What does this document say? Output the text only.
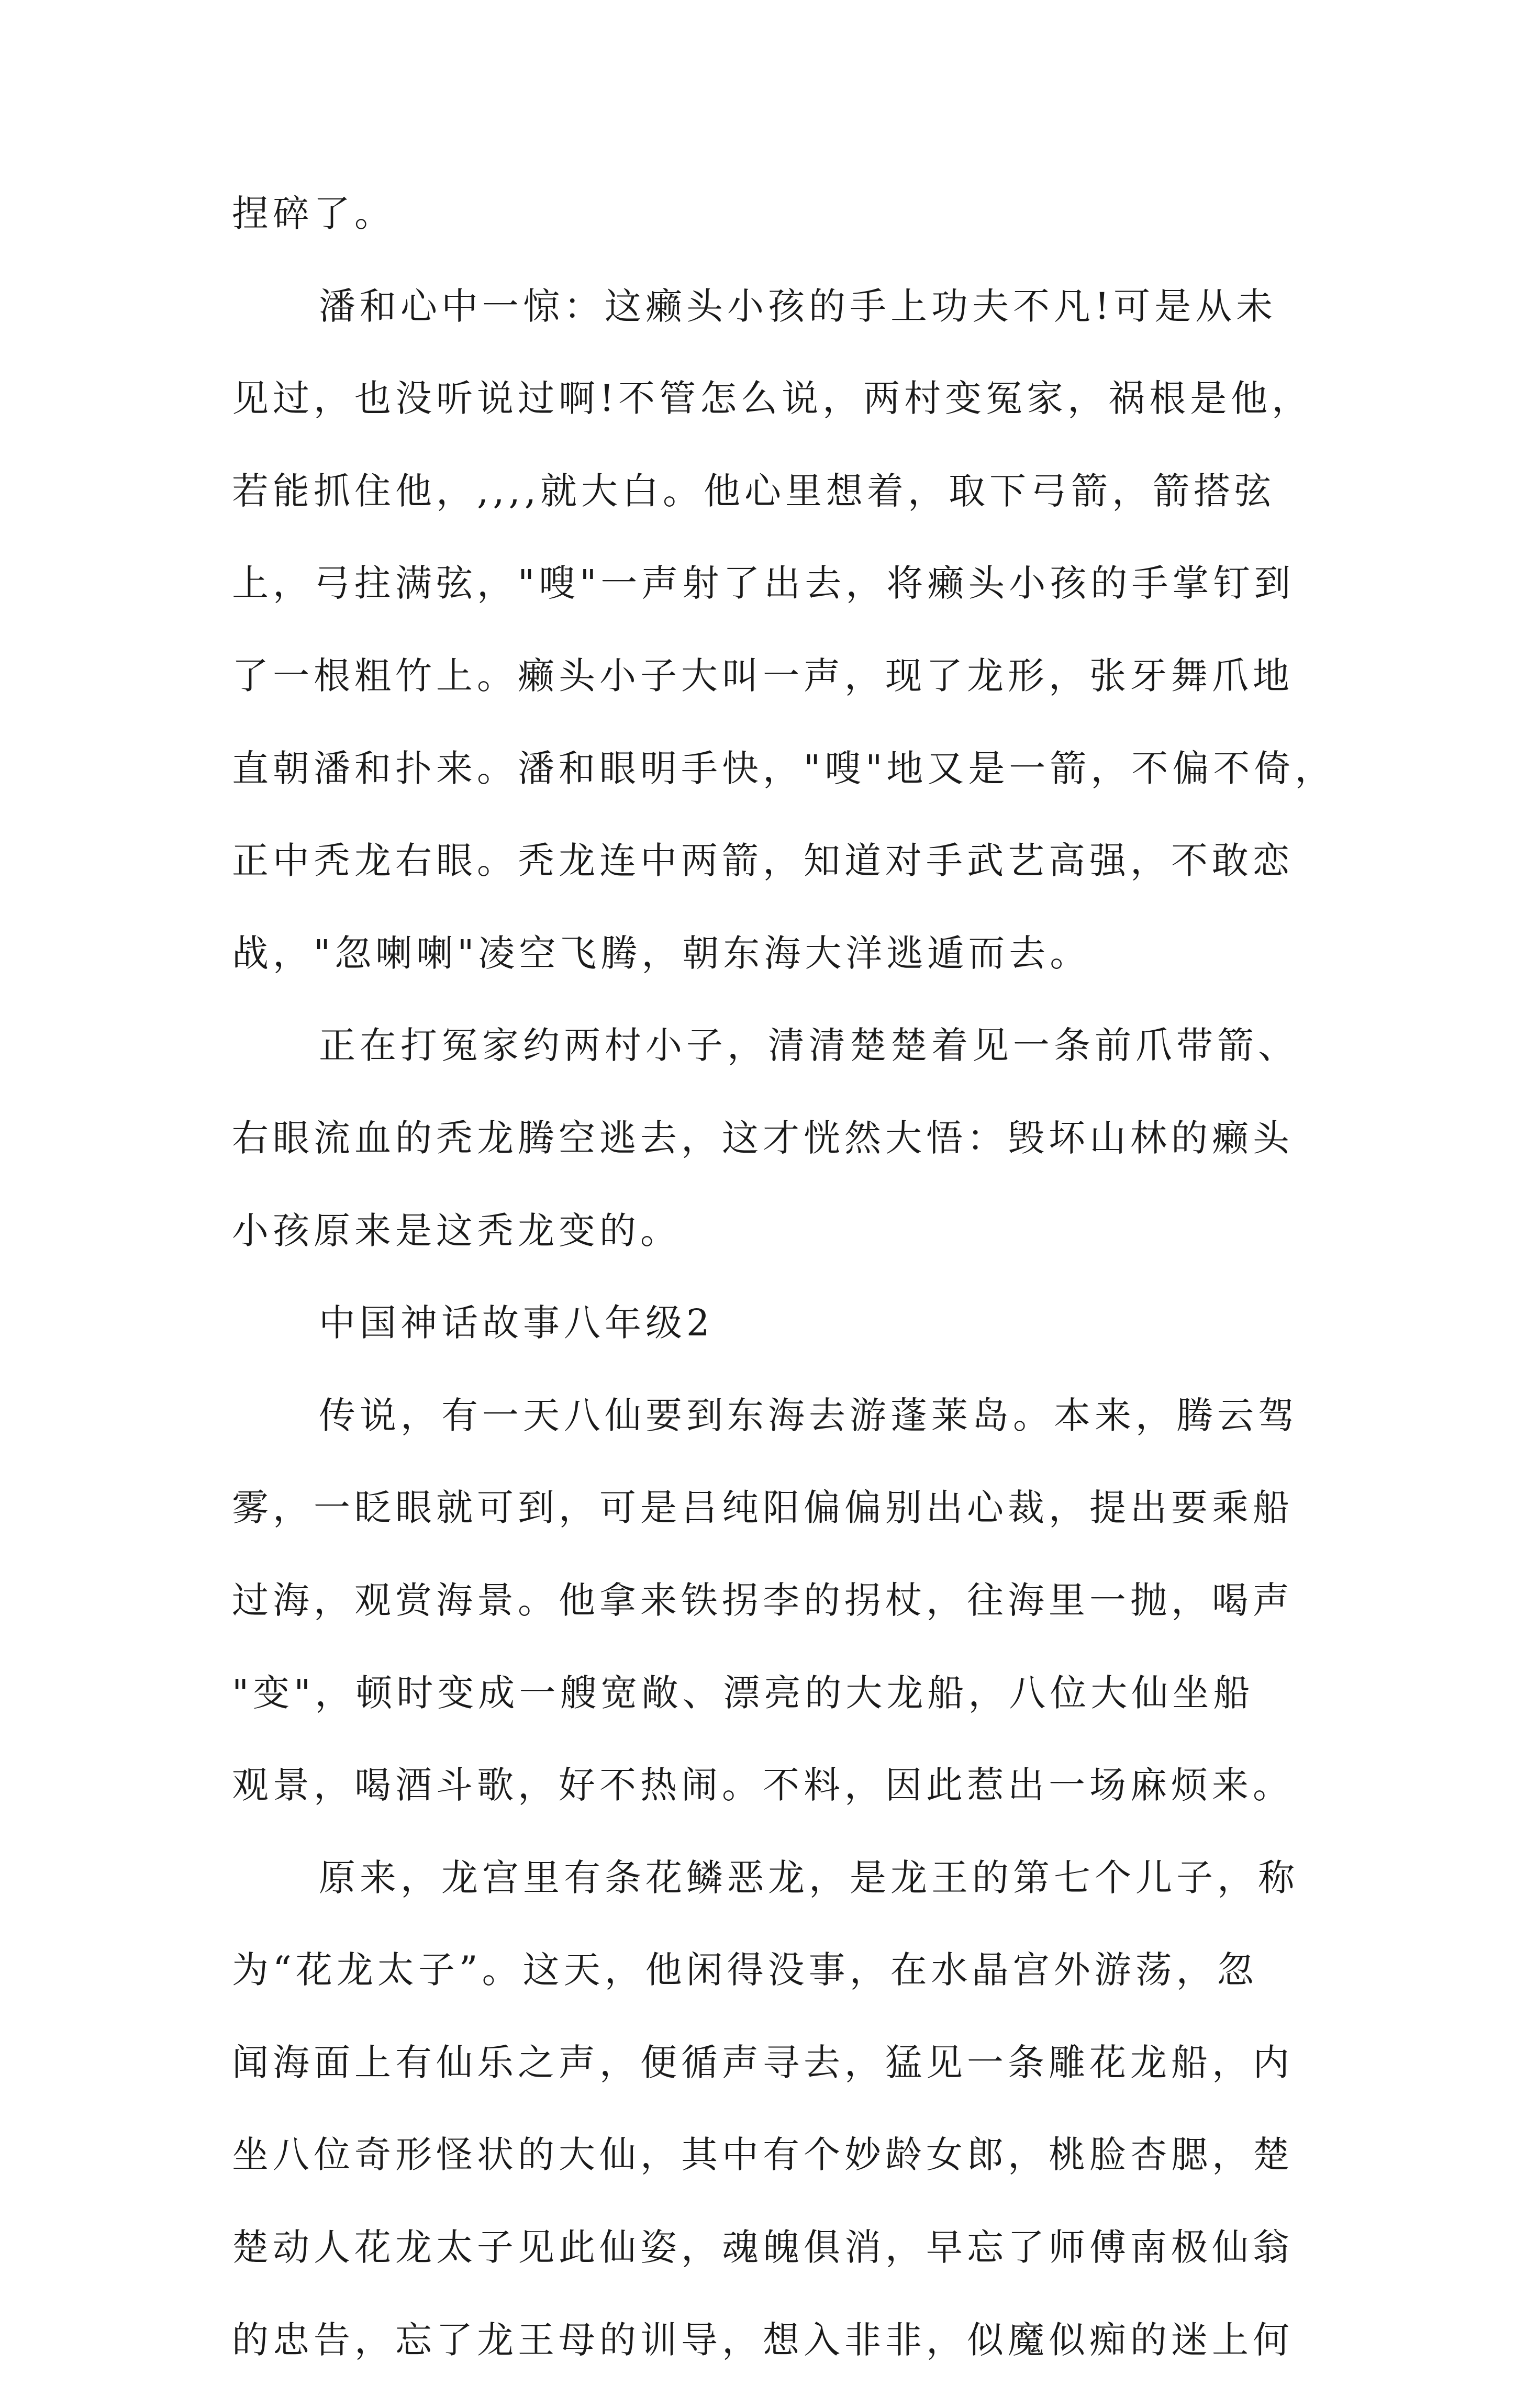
捏碎了。
潘和心中一惊：这癞头小孩的手上功夫不凡!可是从未
见过，也没听说过啊!不管怎么说，两村变冤家，祸根是他，
若能抓住他，,,,,就大白。他心里想着，取下弓箭，箭搭弦
上，弓拄满弦，"嗖"一声射了出去，将癞头小孩的手掌钉到
了一根粗竹上。癞头小子大叫一声，现了龙形，张牙舞爪地
直朝潘和扑来。潘和眼明手快，"嗖"地又是一箭，不偏不倚，
正中秃龙右眼。秃龙连中两箭，知道对手武艺高强，不敢恋
战，"忽喇喇"凌空飞腾，朝东海大洋逃遁而去。
正在打冤家约两村小子，清清楚楚着见一条前爪带箭、
右眼流血的秃龙腾空逃去，这才恍然大悟：毁坏山林的癞头
小孩原来是这秃龙变的。
中国神话故事八年级2
传说，有一天八仙要到东海去游蓬莱岛。本来，腾云驾
雾，一眨眼就可到，可是吕纯阳偏偏别出心裁，提出要乘船
过海，观赏海景。他拿来铁拐李的拐杖，往海里一抛，喝声
"变"，顿时变成一艘宽敞、漂亮的大龙船，八位大仙坐船
观景，喝酒斗歌，好不热闹。不料，因此惹出一场麻烦来。
原来，龙宫里有条花鳞恶龙，是龙王的第七个儿子，称
为“花龙太子”。这天，他闲得没事，在水晶宫外游荡，忽
闻海面上有仙乐之声，便循声寻去，猛见一条雕花龙船，内
坐八位奇形怪状的大仙，其中有个妙龄女郎，桃脸杏腮，楚
楚动人花龙太子见此仙姿，魂魄俱消，早忘了师傅南极仙翁
的忠告，忘了龙王母的训导，想入非非，似魔似痴的迷上何
